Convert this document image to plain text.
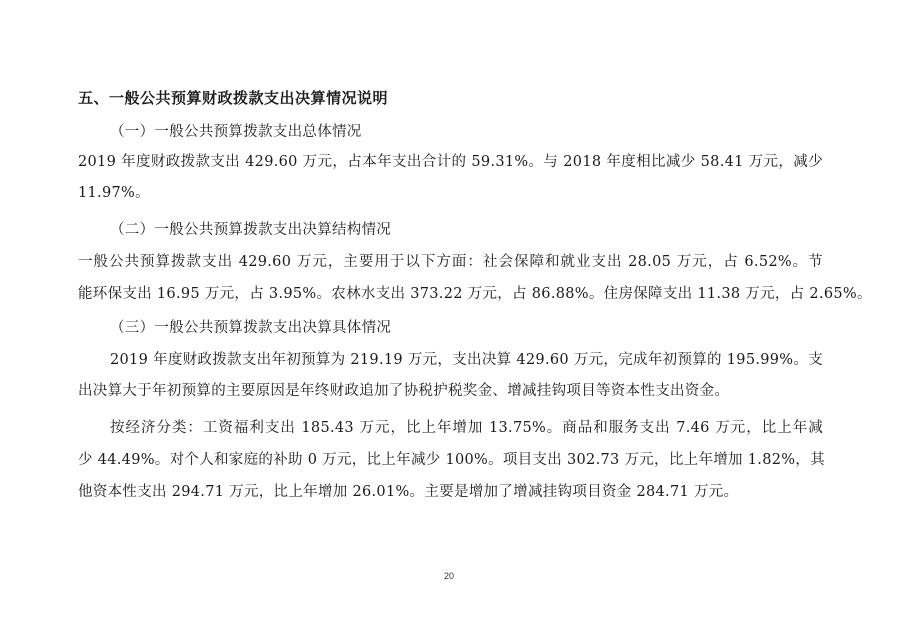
五、一般公共预算财政拨款支出决算情况说明
（一）一般公共预算拨款支出总体情况
2019 年度财政拨款支出 429.60 万元，占本年支出合计的 59.31%。与 2018 年度相比减少 58.41 万元，减少
11.97%。
（二）一般公共预算拨款支出决算结构情况
一般公共预算拨款支出 429.60 万元，主要用于以下方面：社会保障和就业支出 28.05 万元，占 6.52%。节
能环保支出 16.95 万元，占 3.95%。农林水支出 373.22 万元，占 86.88%。住房保障支出 11.38 万元，占 2.65%。
（三）一般公共预算拨款支出决算具体情况
2019 年度财政拨款支出年初预算为 219.19 万元，支出决算 429.60 万元，完成年初预算的 195.99%。支
出决算大于年初预算的主要原因是年终财政追加了协税护税奖金、增减挂钩项目等资本性支出资金。
按经济分类：工资福利支出 185.43 万元，比上年增加 13.75%。商品和服务支出 7.46 万元，比上年减
少 44.49%。对个人和家庭的补助 0 万元，比上年减少 100%。项目支出 302.73 万元，比上年增加 1.82%，其
他资本性支出 294.71 万元，比上年增加 26.01%。主要是增加了增减挂钩项目资金 284.71 万元。
20
